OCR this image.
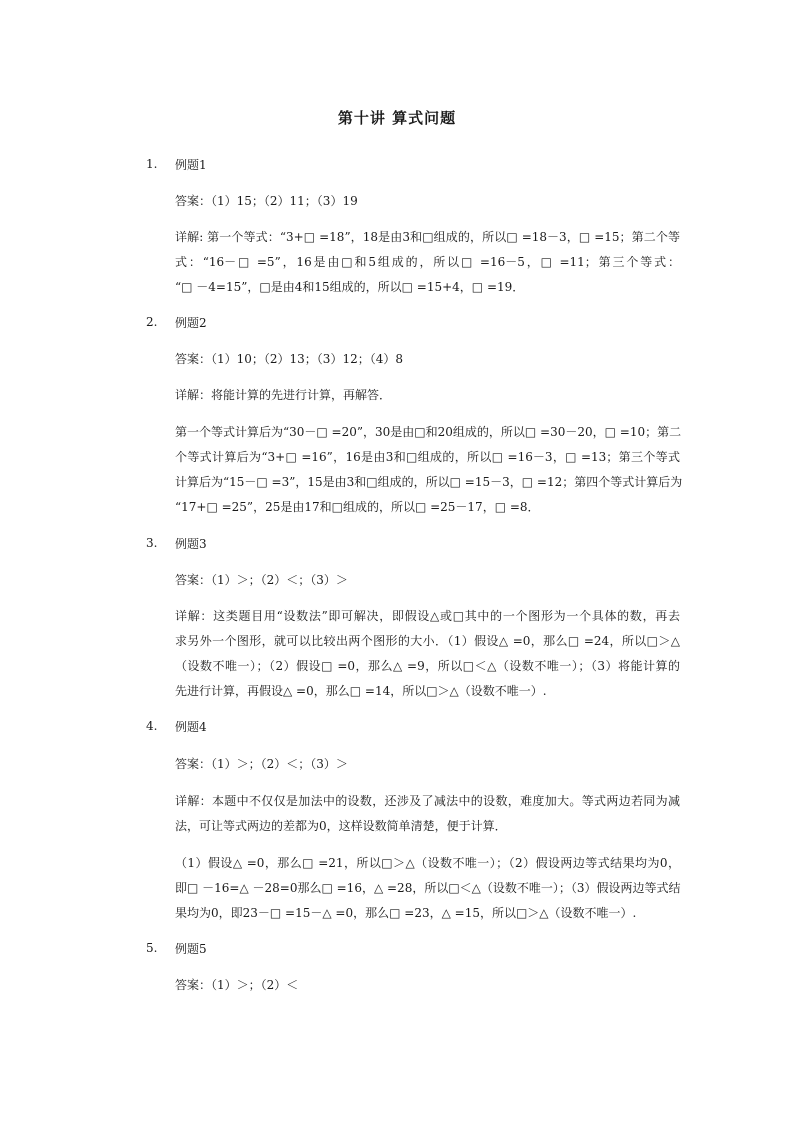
第十讲 算式问题
1. 例题1
答案：（1）15；（2）11；（3）19
详解: 第一个等式：“3+□ =18”，18是由3和□组成的，所以□ =18－3，□ =15；第二个等
式：“16－□ =5”，16是由□和5组成的，所以□ =16－5，□ =11；第三个等式：
“□ －4=15”，□是由4和15组成的，所以□ =15+4，□ =19．
2. 例题2
答案：（1）10；（2）13；（3）12；（4）8
详解：将能计算的先进行计算，再解答．
第一个等式计算后为“30－□ =20”，30是由□和20组成的，所以□ =30－20，□ =10；第二
个等式计算后为“3+□ =16”，16是由3和□组成的，所以□ =16－3，□ =13；第三个等式
计算后为“15－□ =3”，15是由3和□组成的，所以□ =15－3，□ =12；第四个等式计算后为
“17+□ =25”，25是由17和□组成的，所以□ =25－17，□ =8．
3. 例题3
答案：（1）＞；（2）＜；（3）＞
详解：这类题目用“设数法”即可解决，即假设△或□其中的一个图形为一个具体的数，再去
求另外一个图形，就可以比较出两个图形的大小．（1）假设△ =0，那么□ =24，所以□＞△
（设数不唯一）；（2）假设□ =0，那么△ =9，所以□＜△（设数不唯一）；（3）将能计算的
先进行计算，再假设△ =0，那么□ =14，所以□＞△（设数不唯一）.
4. 例题4
答案：（1）＞；（2）＜；（3）＞
详解：本题中不仅仅是加法中的设数，还涉及了减法中的设数，难度加大。等式两边若同为减
法，可让等式两边的差都为0，这样设数简单清楚，便于计算．
（1）假设△ =0，那么□ =21，所以□＞△（设数不唯一）；（2）假设两边等式结果均为0，
即□ －16=△ －28=0那么□ =16，△ =28，所以□＜△（设数不唯一）；（3）假设两边等式结
果均为0，即23－□ =15－△ =0，那么□ =23，△ =15，所以□＞△（设数不唯一）.
5. 例题5
答案：（1）＞；（2）＜
